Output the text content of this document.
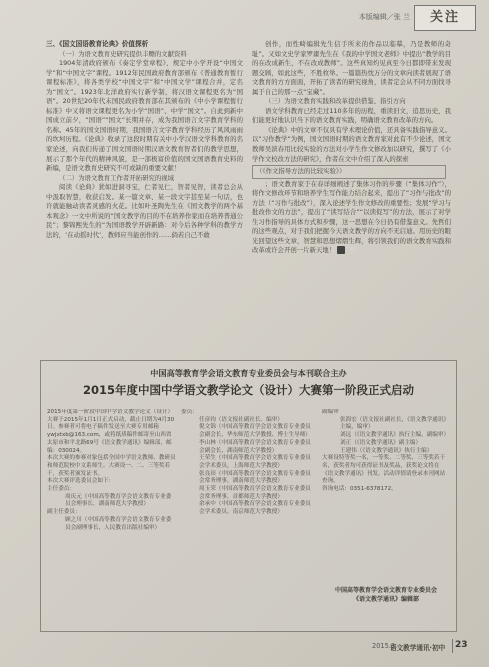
本版编辑／张 兰	关注
三、《国文国语教育论典》价值探析
（一）为语文教育史研究提供丰赡的文献资料

1904年清政府颁布《奏定学堂章程》，规定中小学开设“中国文学”和“中国文字”课程。1912年民国政府教育部颁布《普通教育暂行课程标准》，将各类学校“中国文字”和“中国文学”课程合并，定名为“国文”。1923年北洋政府实行新学制，将汉语文课程更名为“国语”。20世纪20年代末国民政府教育部在其颁布的《中小学课程暂行标准》中又将语文课程更名为小学“国语”、中学“国文”。自此到新中国成立前夕，“国语”“国文”长期并存，成为我国语言文字教育学科的名称。45年的国文国语时期，我国语言文字教育学科经历了风风雨雨的坎坷历程。《论典》收录了这段时期有关中小学汉语文学科教育的名家论述，向我们传递了国文国语时期汉语文教育智者们的教学思想，展示了那个年代的精神风貌，是一部极富价值的国文国语教育史料的新编，是语文教育史研究不可或缺的重要文献！

（二）为语文教育工作者开拓研究的视域

阅读《论典》犹如进洞寻宝，仁者见仁，智者见智，读者总会从中汲取智慧，收获启发。某一篇文章、某一段文字甚至某一句话，也许就能触动读者灵感的火花。比如叶圣陶先生在《国文教学的两个基本观念》一文中所说的“国文教学的目的不在培养作家而在培养普通公民”；黎锦熙先生的“为国语教学开辟新路：对今后各种学科的教学方法的，‘在动摇时代’，教师应当能创作的……倘若自己不敢

创作，而性畸编辑先生信手所来的作品以临摹，乃是教师的奇耻”。又如文史学家罗庸先生在《我的中学国文老师》中提出“教学的目的在改成新生，不在改成教师”。这些真知灼见真至今日都即带来发现题交顾，如此这些，不胜枚举。一篇篇热忱万分的文章向读者展现了语文教育的方方面面，开拓了读者的研究视角，读者定会从不同方面找寻属于自己的那一点“宝藏”。

（三）为语文教育实践和改革提供借鉴、指引方向

语文学科教育已经走过110多年的历程，重读旧文，追思历史，我们能更好地认识当下的语文教育实践，明确语文教育改革的方向。

《论典》中的文章不仅具有学术理论价值，还具备实践指导意义。以“习作教学”为例，国文国语时期的语文教育家对此有不少论述，国文教师吴滨春用比较实验的方法对小学生作文修改加以研究，撰写了《小学作文校改方法的研究》，作者在文中介绍了深入的探索

（《作文指导方法的比较实验》）

；语文教育家于在春详细阐述了集体习作的步骤（“集体习作”），将作文修改环节和培养学生写作能力结合起来，提出了“习作与批改”的方法（“习作与批改”），深入论述学生作文修改的重要性；发展“学习与批改作文的方法”，提出了“读写结合”“以读促写”的方法，展示了对学生习作指导的具体方式和步骤，这一思想在今日仍有借鉴意义。先哲们的这些观点，对于我们把握今天语文教学的方向不无启迪。用历史的眼光回望这些文章，智慧和思想熠熠生辉，将引领我们的语文教育实践和改革或许会开创一片新天地！	终

中国高等教育学会语文教育专业委员会与本刊联合主办
2015年度中国中学语文教学论文（设计）大赛第一阶段正式启动

2015年度第一阶段中国中学语文教学论文（设计）大赛于2015年1月1日正式启动，截止日期为4月30日。参赛者可将电子稿件发送至大赛专用邮箱ywjxtxb@163.com，或将纸质稿件邮寄至山西省太原市和平北路69号《语文教学通讯》编辑部，邮编：030024。

本次大赛的参赛对象包括全国中学语文教师、教研员和师范院校中文系师生。大赛设一、二、三等奖若干，获奖者颁发证书。

本次大赛评选委员会如下：

主任委员：

周庆元（中国高等教育学会语文教育专业委员会理事长，湖南师范大学教授）

副主任委员：

顾之川（中国高等教育学会语文教育专业委员会副理事长，人民教育出版社编审）

委员：

任彦钧（语文报社副社长、编审）

倪文锦（中国高等教育学会语文教育专业委员会副会长，华东师范大学教授、博士生导师）

李山林（中国高等教育学会语文教育专业委员会副会长，湖南师范大学教授）

王荣生（中国高等教育学会语文教育专业委员会学术委员，上海师范大学教授）

张良田（中国高等教育学会语文教育专业委员会常务理事，湖南师范大学教授）

周玉荣（中国高等教育学会语文教育专业委员会常务理事，首都师范大学教授）

余承中（中国高等教育学会语文教育专业委员会学术委员，南京师范大学教授）

副编审

张海宏（语文报社副社长，《语文教学通讯》主编，编审）

刘远（《语文教学通讯》执行主编，副编审）

刘正（《语文教学通讯》副主编）

王建伟（《语文教学通讯》执行主编）

大赛设特等奖一名，一等奖、二等奖、三等奖若干名，获奖者均可获得证书及奖品，获奖论文将在《语文教学通讯》刊发。活动详情请登录本刊网站查询。

咨询电话：0351-6378172。

中国高等教育学会语文教育专业委员会
《语文教学通讯》编辑部
2015.3
语文教学通讯·初中 23
